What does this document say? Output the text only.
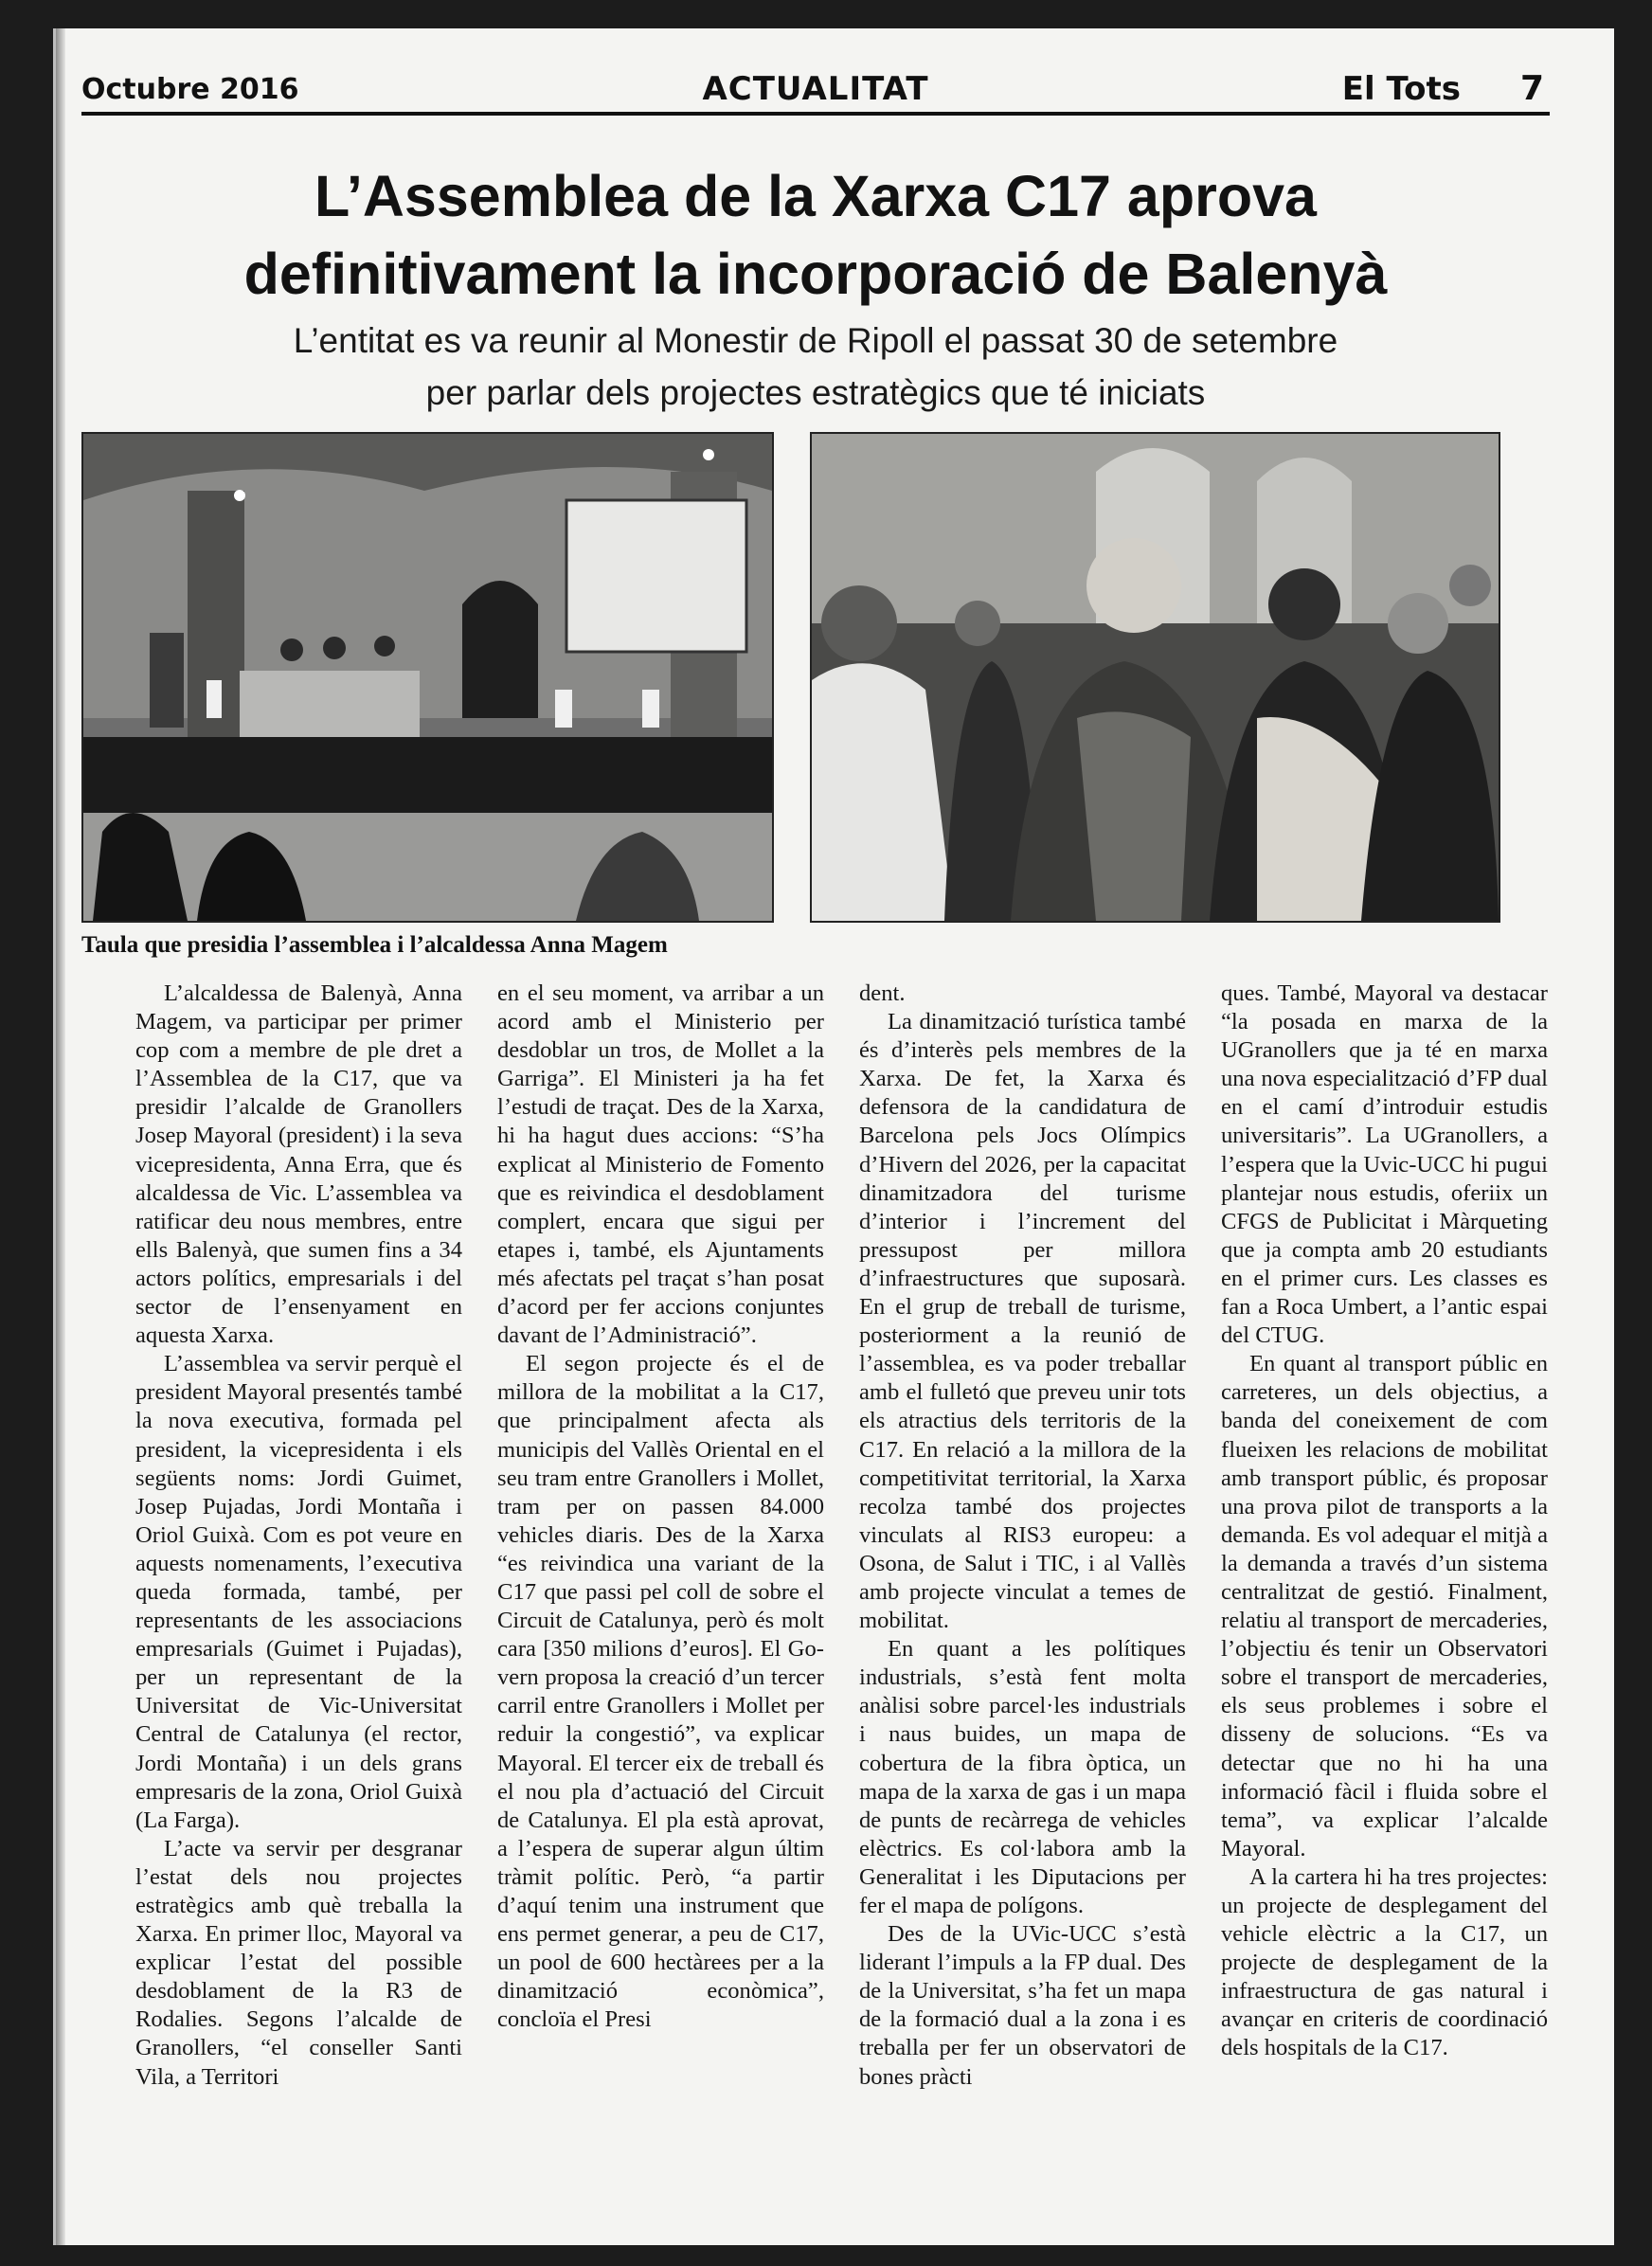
Octubre 2016	ACTUALITAT	El Tots 7
L’Assemblea de la Xarxa C17 aprova
definitivament la incorporació de Balenyà
L’entitat es va reunir al Monestir de Ripoll el passat 30 de setembre
per parlar dels projectes estratègics que té iniciats
Taula que presidia l’assemblea i l’alcaldessa Anna Magem

L’alcaldessa de Balenyà, Anna Magem, va participar per primer cop com a membre de ple dret a l’Assemblea de la C17, que va presidir l’alcalde de Granollers Josep Mayoral (president) i la seva vicepresidenta, Anna Erra, que és alcaldessa de Vic. L’assemblea va ratificar deu nous membres, entre ells Balenyà, que sumen fins a 34 actors polítics, empresarials i del sector de l’ensenyament en aquesta Xarxa.

L’assemblea va servir perquè el president Mayoral presentés també la nova executiva, formada pel president, la vicepresidenta i els següents noms: Jordi Guimet, Josep Pujadas, Jordi Montaña i Oriol Guixà. Com es pot veure en aquests nomenaments, l’executiva queda formada, també, per representants de les associacions empresarials (Guimet i Pujadas), per un representant de la Universitat de Vic-Universitat Central de Catalunya (el rector, Jordi Montaña) i un dels grans empresaris de la zona, Oriol Guixà (La Farga).

L’acte va servir per desgranar l’estat dels nou projectes estratègics amb què treballa la Xarxa. En primer lloc, Mayoral va explicar l’estat del possible desdoblament de la R3 de Rodalies. Segons l’alcalde de Granollers, “el conseller Santi Vila, a Territori

en el seu moment, va arribar a un acord amb el Ministerio per desdoblar un tros, de Mollet a la Garriga”. El Ministeri ja ha fet l’estudi de traçat. Des de la Xarxa, hi ha hagut dues accions: “S’ha explicat al Ministerio de Fomento que es reivindica el desdoblament complert, encara que sigui per etapes i, també, els Ajuntaments més afectats pel traçat s’han posat d’acord per fer accions conjuntes davant de l’Administració”.

El segon projecte és el de millora de la mobilitat a la C17, que principalment afecta als municipis del Vallès Oriental en el seu tram entre Granollers i Mollet, tram per on passen 84.000 vehicles diaris. Des de la Xarxa “es reivindica una variant de la C17 que passi pel coll de sobre el Circuit de Catalunya, però és molt cara [350 milions d’euros]. El Govern proposa la creació d’un tercer carril entre Granollers i Mollet per reduir la congestió”, va explicar Mayoral. El tercer eix de treball és el nou pla d’actuació del Circuit de Catalunya. El pla està aprovat, a l’espera de superar algun últim tràmit polític. Però, “a partir d’aquí tenim una instrument que ens permet generar, a peu de C17, un pool de 600 hectàrees per a la dinamització econòmica”, concloïa el Presi

dent.

La dinamització turística també és d’interès pels membres de la Xarxa. De fet, la Xarxa és defensora de la candidatura de Barcelona pels Jocs Olímpics d’Hivern del 2026, per la capacitat dinamitzadora del turisme d’interior i l’increment del pressupost per millora d’infraestructures que suposarà. En el grup de treball de turisme, posteriorment a la reunió de l’assemblea, es va poder treballar amb el fulletó que preveu unir tots els atractius dels territoris de la C17. En relació a la millora de la competitivitat territorial, la Xarxa recolza també dos projectes vinculats al RIS3 europeu: a Osona, de Salut i TIC, i al Vallès amb projecte vinculat a temes de mobilitat.

En quant a les polítiques industrials, s’està fent molta anàlisi sobre parcel·les industrials i naus buides, un mapa de cobertura de la fibra òptica, un mapa de la xarxa de gas i un mapa de punts de recàrrega de vehicles elèctrics. Es col·labora amb la Generalitat i les Diputacions per fer el mapa de polígons.

Des de la UVic-UCC s’està liderant l’impuls a la FP dual. Des de la Universitat, s’ha fet un mapa de la formació dual a la zona i es treballa per fer un observatori de bones pràcti

ques. També, Mayoral va destacar “la posada en marxa de la UGranollers que ja té en marxa una nova especialització d’FP dual en el camí d’introduir estudis universitaris”. La UGranollers, a l’espera que la Uvic-UCC hi pugui plantejar nous estudis, oferiix un CFGS de Publicitat i Màrqueting que ja compta amb 20 estudiants en el primer curs. Les classes es fan a Roca Umbert, a l’antic espai del CTUG.

En quant al transport públic en carreteres, un dels objectius, a banda del coneixement de com flueixen les relacions de mobilitat amb transport públic, és proposar una prova pilot de transports a la demanda. Es vol adequar el mitjà a la demanda a través d’un sistema centralitzat de gestió. Finalment, relatiu al transport de mercaderies, l’objectiu és tenir un Observatori sobre el transport de mercaderies, els seus problemes i sobre el disseny de solucions. “Es va detectar que no hi ha una informació fàcil i fluida sobre el tema”, va explicar l’alcalde Mayoral.

A la cartera hi ha tres projectes: un projecte de desplegament del vehicle elèctric a la C17, un projecte de desplegament de la infraestructura de gas natural i avançar en criteris de coordinació dels hospitals de la C17.
